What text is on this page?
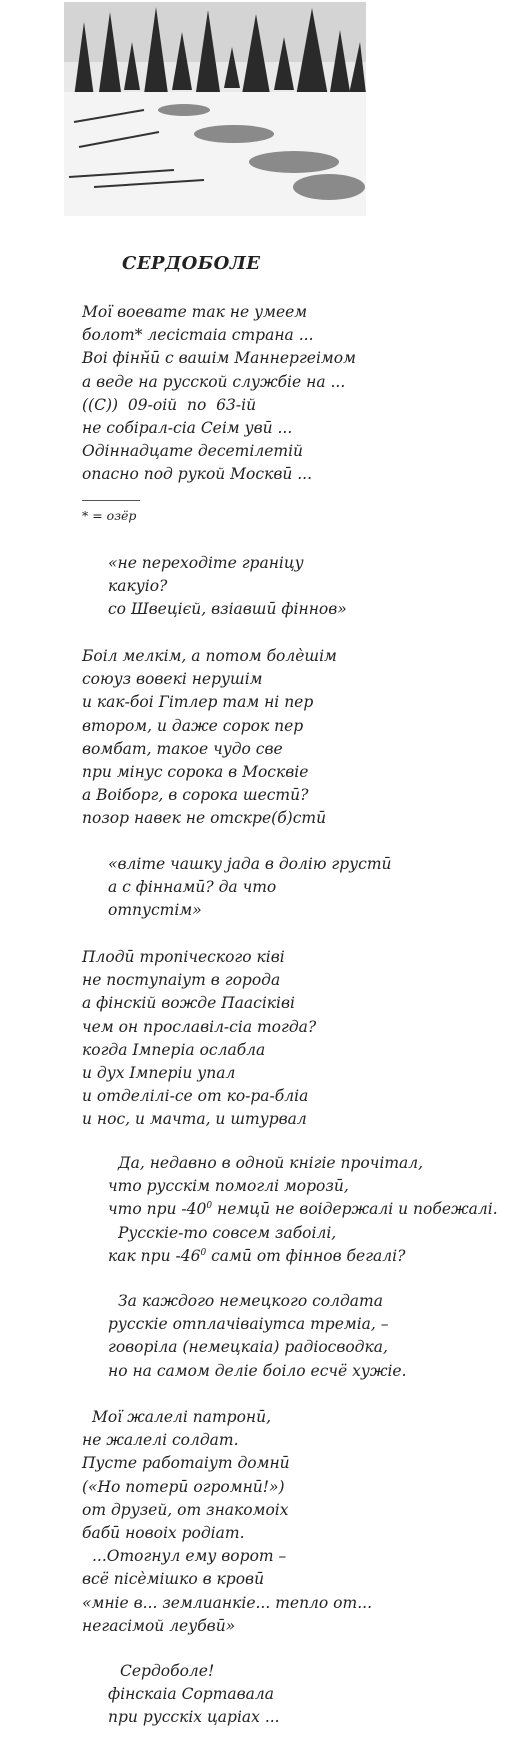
СЕРДОБОЛЕ
Мої воевате так не умеем
болот* лесістаіа страна ...
Воі фінн̆ӣ с вашім Маннергеімом
а веде на русской службіе на ...
((С))  09-оій  по  63-ій
не собірал-сіа Сеім увӣ ...
Одіннадцате десетілетій
опасно под рукой Москвӣ ...
* = озёр
«не переходіте граніцу
какуіо?
со Швецієй, взіавшӣ фіннов»
Боіл мелкім, а потом болѐшім
союуз вовекі нерушім
и как-боі Гітлер там ні пер
втором, и даже сорок пер
вомбат, такое чудо све
при мінус сорока в Москвіе
а Воіборг, в сорока шестӣ?
позор навек не отскре(б)стӣ
«вліте чашку јада в долію грустӣ
а с фіннамӣ? да что
отпустім»
Плодӣ тропіческого ківі
не поступаіут в города
а фінскій вожде Паасіківі
чем он прославіл-сіа тогда?
когда Імперіа ослабла
и дух Імперіи упал
и отделілі-се от ко-ра-бліа
и нос, и мачта, и штурвал
Да, недавно в одной кнігіе прочітал,
что русскім помоглі морозӣ,
что при $-40^0$ немцӣ не воідержалі и побежалі.
Русскіе-то совсем забоілі,
как при $-46^0$ самӣ от фіннов бегалі?
За каждого немецкого солдата
русскіе отплачіваіутса треміа, –
говоріла (немецкаіа) радіосводка,
но на самом деліе боіло есчё хужіе.
Мої жалелі патронӣ,
не жалелі солдат.
Пусте работаіут домнӣ
(«Но потерӣ огромнӣ!»)
от друзей, от знакомоіх
бабӣ новоіх родіат.
...Отогнул ему ворот –
всё пісѐмішко в кровӣ
«мніе в... землианкіе... тепло от...
негасімой леубвӣ»
Сердоболе!
фінскаіа Сортавала
при русскіх царіах ...
